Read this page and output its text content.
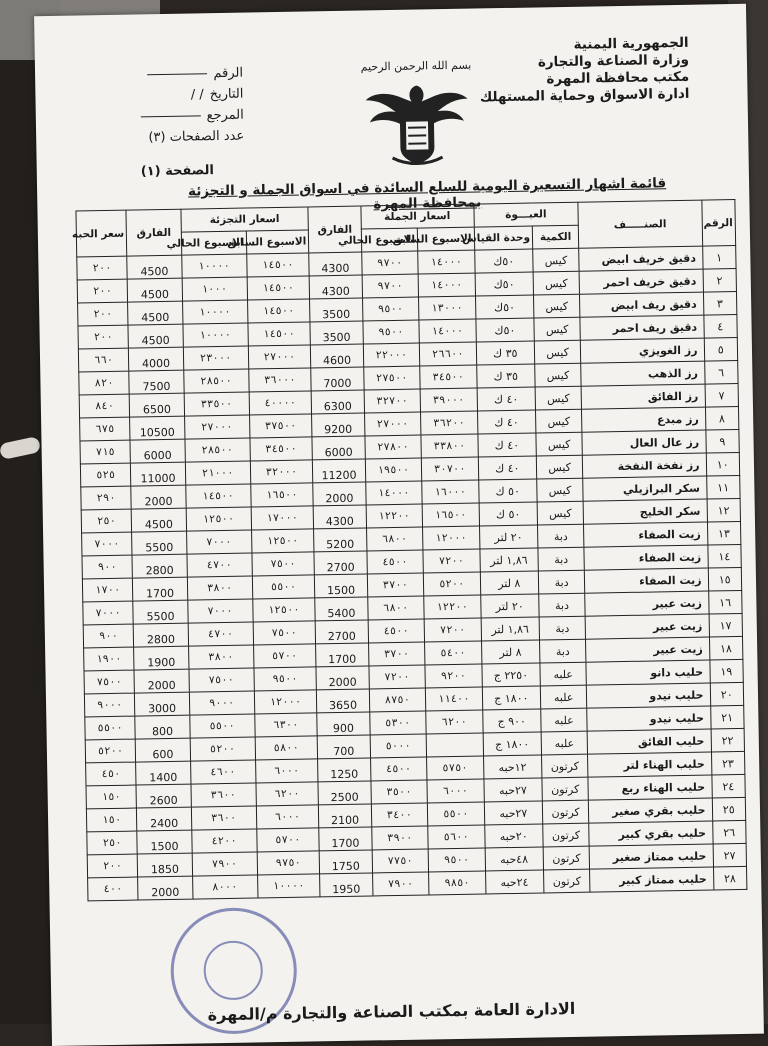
الجمهورية اليمنية
وزارة الصناعة والتجارة
مكتب محافظة المهرة
ادارة الاسواق وحماية المستهلك
بسم الله الرحمن الرحيم
الرقم
التاريخ
/ /
المرجع
عدد الصفحات (٣)
الصفحة (١)
قائمة اشهار التسعيرة اليومية للسلع السائدة في اسواق الجملة و التجزئة بمحافظة المهرة
الرقم	الصنـــــف	العبـــوة		اسعار الجملة		الفارق	اسعار التجزئة		الفارق	سعر الحبه
		الكمية	وحدة القياس	الاسبوع السابق	الاسبوع الحالي		الاسبوع السابق	الاسبوع الحالي		
١	دقيق خريف ابيض	كيس	٥٠ك	١٤٠٠٠	٩٧٠٠	4300	١٤٥٠٠	١٠٠٠٠	4500	٢٠٠
٢	دقيق خريف احمر	كيس	٥٠ك	١٤٠٠٠	٩٧٠٠	4300	١٤٥٠٠	١٠٠٠	4500	٢٠٠
٣	دقيق ريف ابيض	كيس	٥٠ك	١٣٠٠٠	٩٥٠٠	3500	١٤٥٠٠	١٠٠٠٠	4500	٢٠٠
٤	دقيق ريف احمر	كيس	٥٠ك	١٤٠٠٠	٩٥٠٠	3500	١٤٥٠٠	١٠٠٠٠	4500	٢٠٠
٥	رز الغويزي	كيس	٣٥ ك	٢٦٦٠٠	٢٢٠٠٠	4600	٢٧٠٠٠	٢٣٠٠٠	4000	٦٦٠
٦	رز الذهب	كيس	٣٥ ك	٣٤٥٠٠	٢٧٥٠٠	7000	٣٦٠٠٠	٢٨٥٠٠	7500	٨٢٠
٧	رز الفائق	كيس	٤٠ ك	٣٩٠٠٠	٣٢٧٠٠	6300	٤٠٠٠٠	٣٣٥٠٠	6500	٨٤٠
٨	رز مبدع	كيس	٤٠ ك	٣٦٢٠٠	٢٧٠٠٠	9200	٣٧٥٠٠	٢٧٠٠٠	10500	٦٧٥
٩	رز عال العال	كيس	٤٠ ك	٣٣٨٠٠	٢٧٨٠٠	6000	٣٤٥٠٠	٢٨٥٠٠	6000	٧١٥
١٠	رز نفخة النفخة	كيس	٤٠ ك	٣٠٧٠٠	١٩٥٠٠	11200	٣٢٠٠٠	٢١٠٠٠	11000	٥٢٥
١١	سكر البرازيلي	كيس	٥٠ ك	١٦٠٠٠	١٤٠٠٠	2000	١٦٥٠٠	١٤٥٠٠	2000	٢٩٠
١٢	سكر الخليج	كيس	٥٠ ك	١٦٥٠٠	١٢٢٠٠	4300	١٧٠٠٠	١٢٥٠٠	4500	٢٥٠
١٣	زيت الصفاء	دبة	٢٠ لتر	١٢٠٠٠	٦٨٠٠	5200	١٢٥٠٠	٧٠٠٠	5500	٧٠٠٠
١٤	زيت الصفاء	دبة	١,٨٦ لتر	٧٢٠٠	٤٥٠٠	2700	٧٥٠٠	٤٧٠٠	2800	٩٠٠
١٥	زيت الصفاء	دبة	٨ لتر	٥٢٠٠	٣٧٠٠	1500	٥٥٠٠	٣٨٠٠	1700	١٧٠٠
١٦	زيت عبير	دبة	٢٠ لتر	١٢٢٠٠	٦٨٠٠	5400	١٢٥٠٠	٧٠٠٠	5500	٧٠٠٠
١٧	زيت عبير	دبة	١,٨٦ لتر	٧٢٠٠	٤٥٠٠	2700	٧٥٠٠	٤٧٠٠	2800	٩٠٠
١٨	زيت عبير	دبة	٨ لتر	٥٤٠٠	٣٧٠٠	1700	٥٧٠٠	٣٨٠٠	1900	١٩٠٠
١٩	حليب دانو	علبه	٢٢٥٠ ج	٩٢٠٠	٧٢٠٠	2000	٩٥٠٠	٧٥٠٠	2000	٧٥٠٠
٢٠	حليب نيدو	علبه	١٨٠٠ ج	١١٤٠٠	٨٧٥٠	3650	١٢٠٠٠	٩٠٠٠	3000	٩٠٠٠
٢١	حليب نيدو	علبه	٩٠٠ ج	٦٢٠٠	٥٣٠٠	900	٦٣٠٠	٥٥٠٠	800	٥٥٠٠
٢٢	حليب الفائق	علبه	١٨٠٠ ج		٥٠٠٠	700	٥٨٠٠	٥٢٠٠	600	٥٢٠٠
٢٣	حليب الهناء لتر	كرتون	١٢حبه	٥٧٥٠	٤٥٠٠	1250	٦٠٠٠	٤٦٠٠	1400	٤٥٠
٢٤	حليب الهناء ربع	كرتون	٢٧حبه	٦٠٠٠	٣٥٠٠	2500	٦٢٠٠	٣٦٠٠	2600	١٥٠
٢٥	حليب بقري صغير	كرتون	٢٧حبه	٥٥٠٠	٣٤٠٠	2100	٦٠٠٠	٣٦٠٠	2400	١٥٠
٢٦	حليب بقري كبير	كرتون	٢٠حبه	٥٦٠٠	٣٩٠٠	1700	٥٧٠٠	٤٢٠٠	1500	٢٥٠
٢٧	حليب ممتاز صغير	كرتون	٤٨حبه	٩٥٠٠	٧٧٥٠	1750	٩٧٥٠	٧٩٠٠	1850	٢٠٠
٢٨	حليب ممتاز كبير	كرتون	٢٤حبه	٩٨٥٠	٧٩٠٠	1950	١٠٠٠٠	٨٠٠٠	2000	٤٠٠
الادارة العامة بمكتب الصناعة والتجارة م/المهرة
